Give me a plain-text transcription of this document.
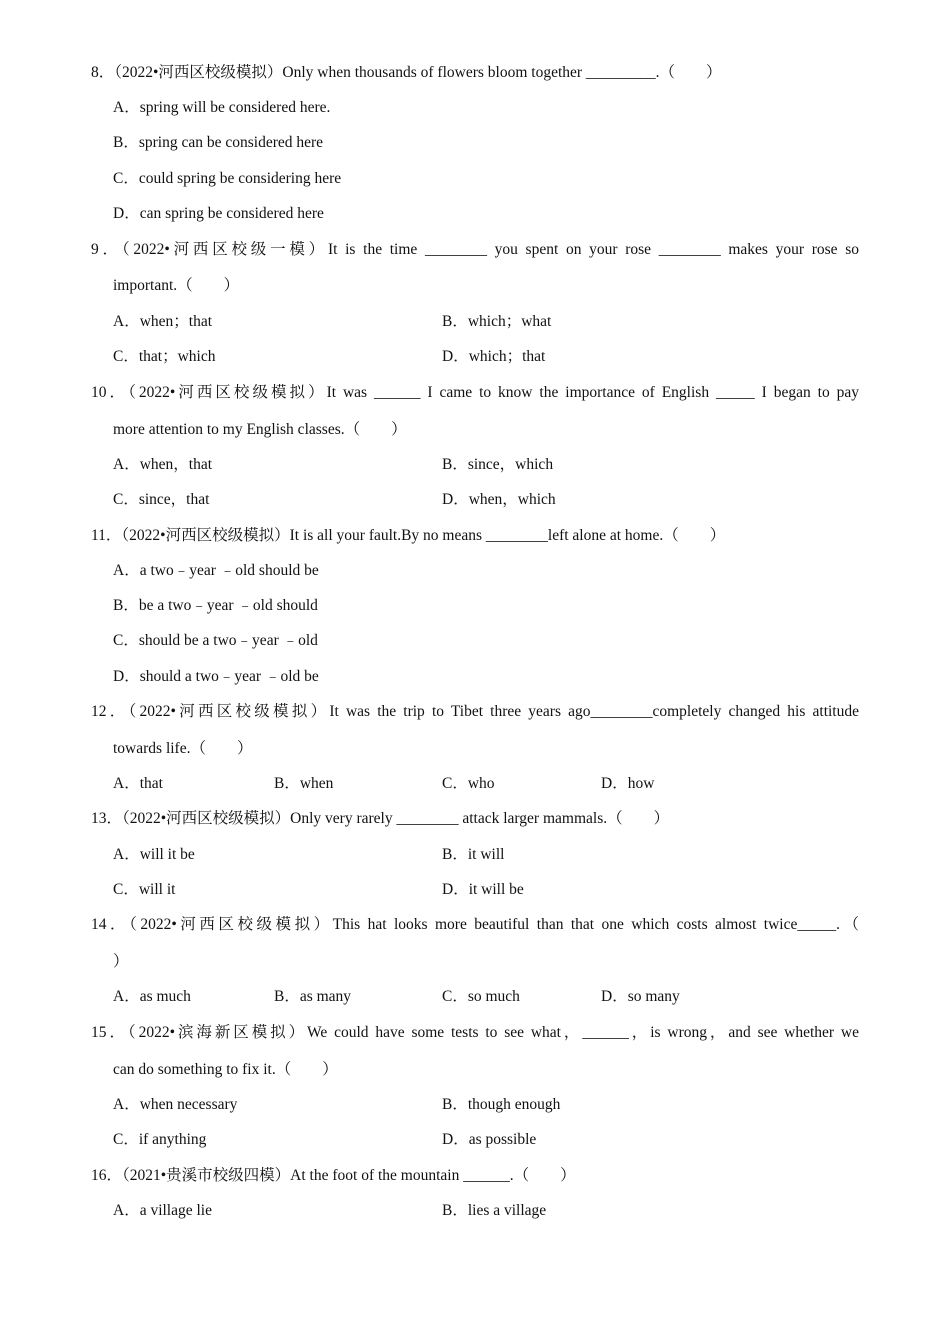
8．（2022•河西区校级模拟）Only when thousands of flowers bloom together _________.（　　）
A．spring will be considered here.
B．spring can be considered here
C．could spring be considering here
D．can spring be considered here
9．（2022•河西区校级一模）It is the time ________ you spent on your rose ________ makes your rose so
important.（　　）
A．when；that	B．which；what
C．that；which	D．which；that
10．（2022•河西区校级模拟）It was ______ I came to know the importance of English _____ I began to pay
more attention to my English classes.（　　）
A．when，that	B．since，which
C．since，that	D．when，which
11．（2022•河西区校级模拟）It is all your fault.By no means ________left alone at home.（　　）
A．a two﹣year ﹣old should be
B．be a two﹣year ﹣old should
C．should be a two﹣year ﹣old
D．should a two﹣year ﹣old be
12．（2022•河西区校级模拟）It was the trip to Tibet three years ago________completely changed his attitude
towards life.（　　）
A．that	B．when	C．who	D．how
13．（2022•河西区校级模拟）Only very rarely ________ attack larger mammals.（　　）
A．will it be	B．it will
C．will it	D．it will be
14．（2022•河西区校级模拟）This hat looks more beautiful than that one which costs almost twice_____.（
）
A．as much	B．as many	C．so much	D．so many
15．（2022•滨海新区模拟）We could have some tests to see what，______，is wrong，and see whether we
can do something to fix it.（　　）
A．when necessary	B．though enough
C．if anything	D．as possible
16．（2021•贵溪市校级四模）At the foot of the mountain ______.（　　）
A．a village lie	B．lies a village
